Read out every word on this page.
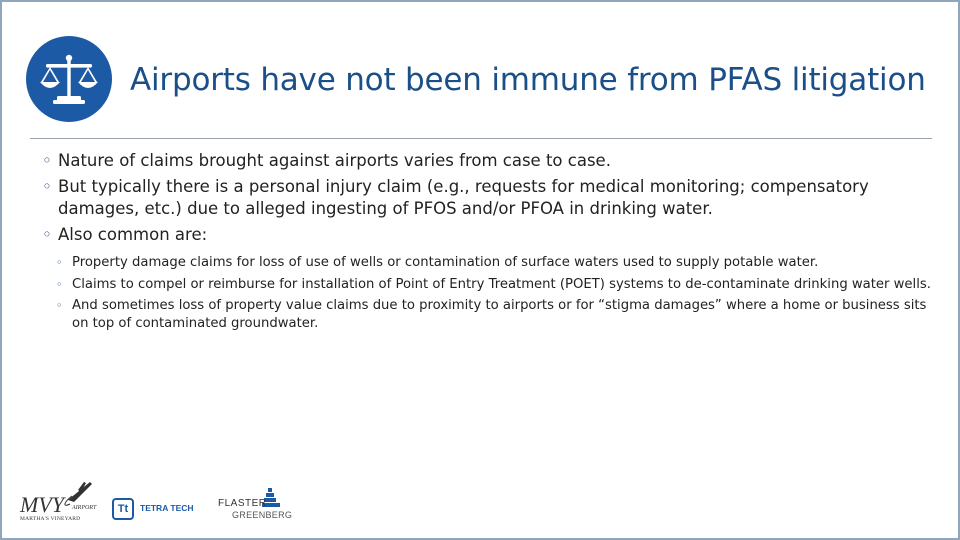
Airports have not been immune from PFAS litigation
◦ Nature of claims brought against airports varies from case to case.
◦ But typically there is a personal injury claim (e.g., requests for medical monitoring; compensatory damages, etc.) due to alleged ingesting of PFOS and/or PFOA in drinking water.
◦ Also common are:
◦ Property damage claims for loss of use of wells or contamination of surface waters used to supply potable water.
◦ Claims to compel or reimburse for installation of Point of Entry Treatment (POET) systems to de-contaminate drinking water wells.
◦ And sometimes loss of property value claims due to proximity to airports or for “stigma damages” where a home or business sits on top of contaminated groundwater.
MVY AIRPORT
MARTHA'S VINEYARD
Tt	TETRA TECH FLASTER
GREENBERG
